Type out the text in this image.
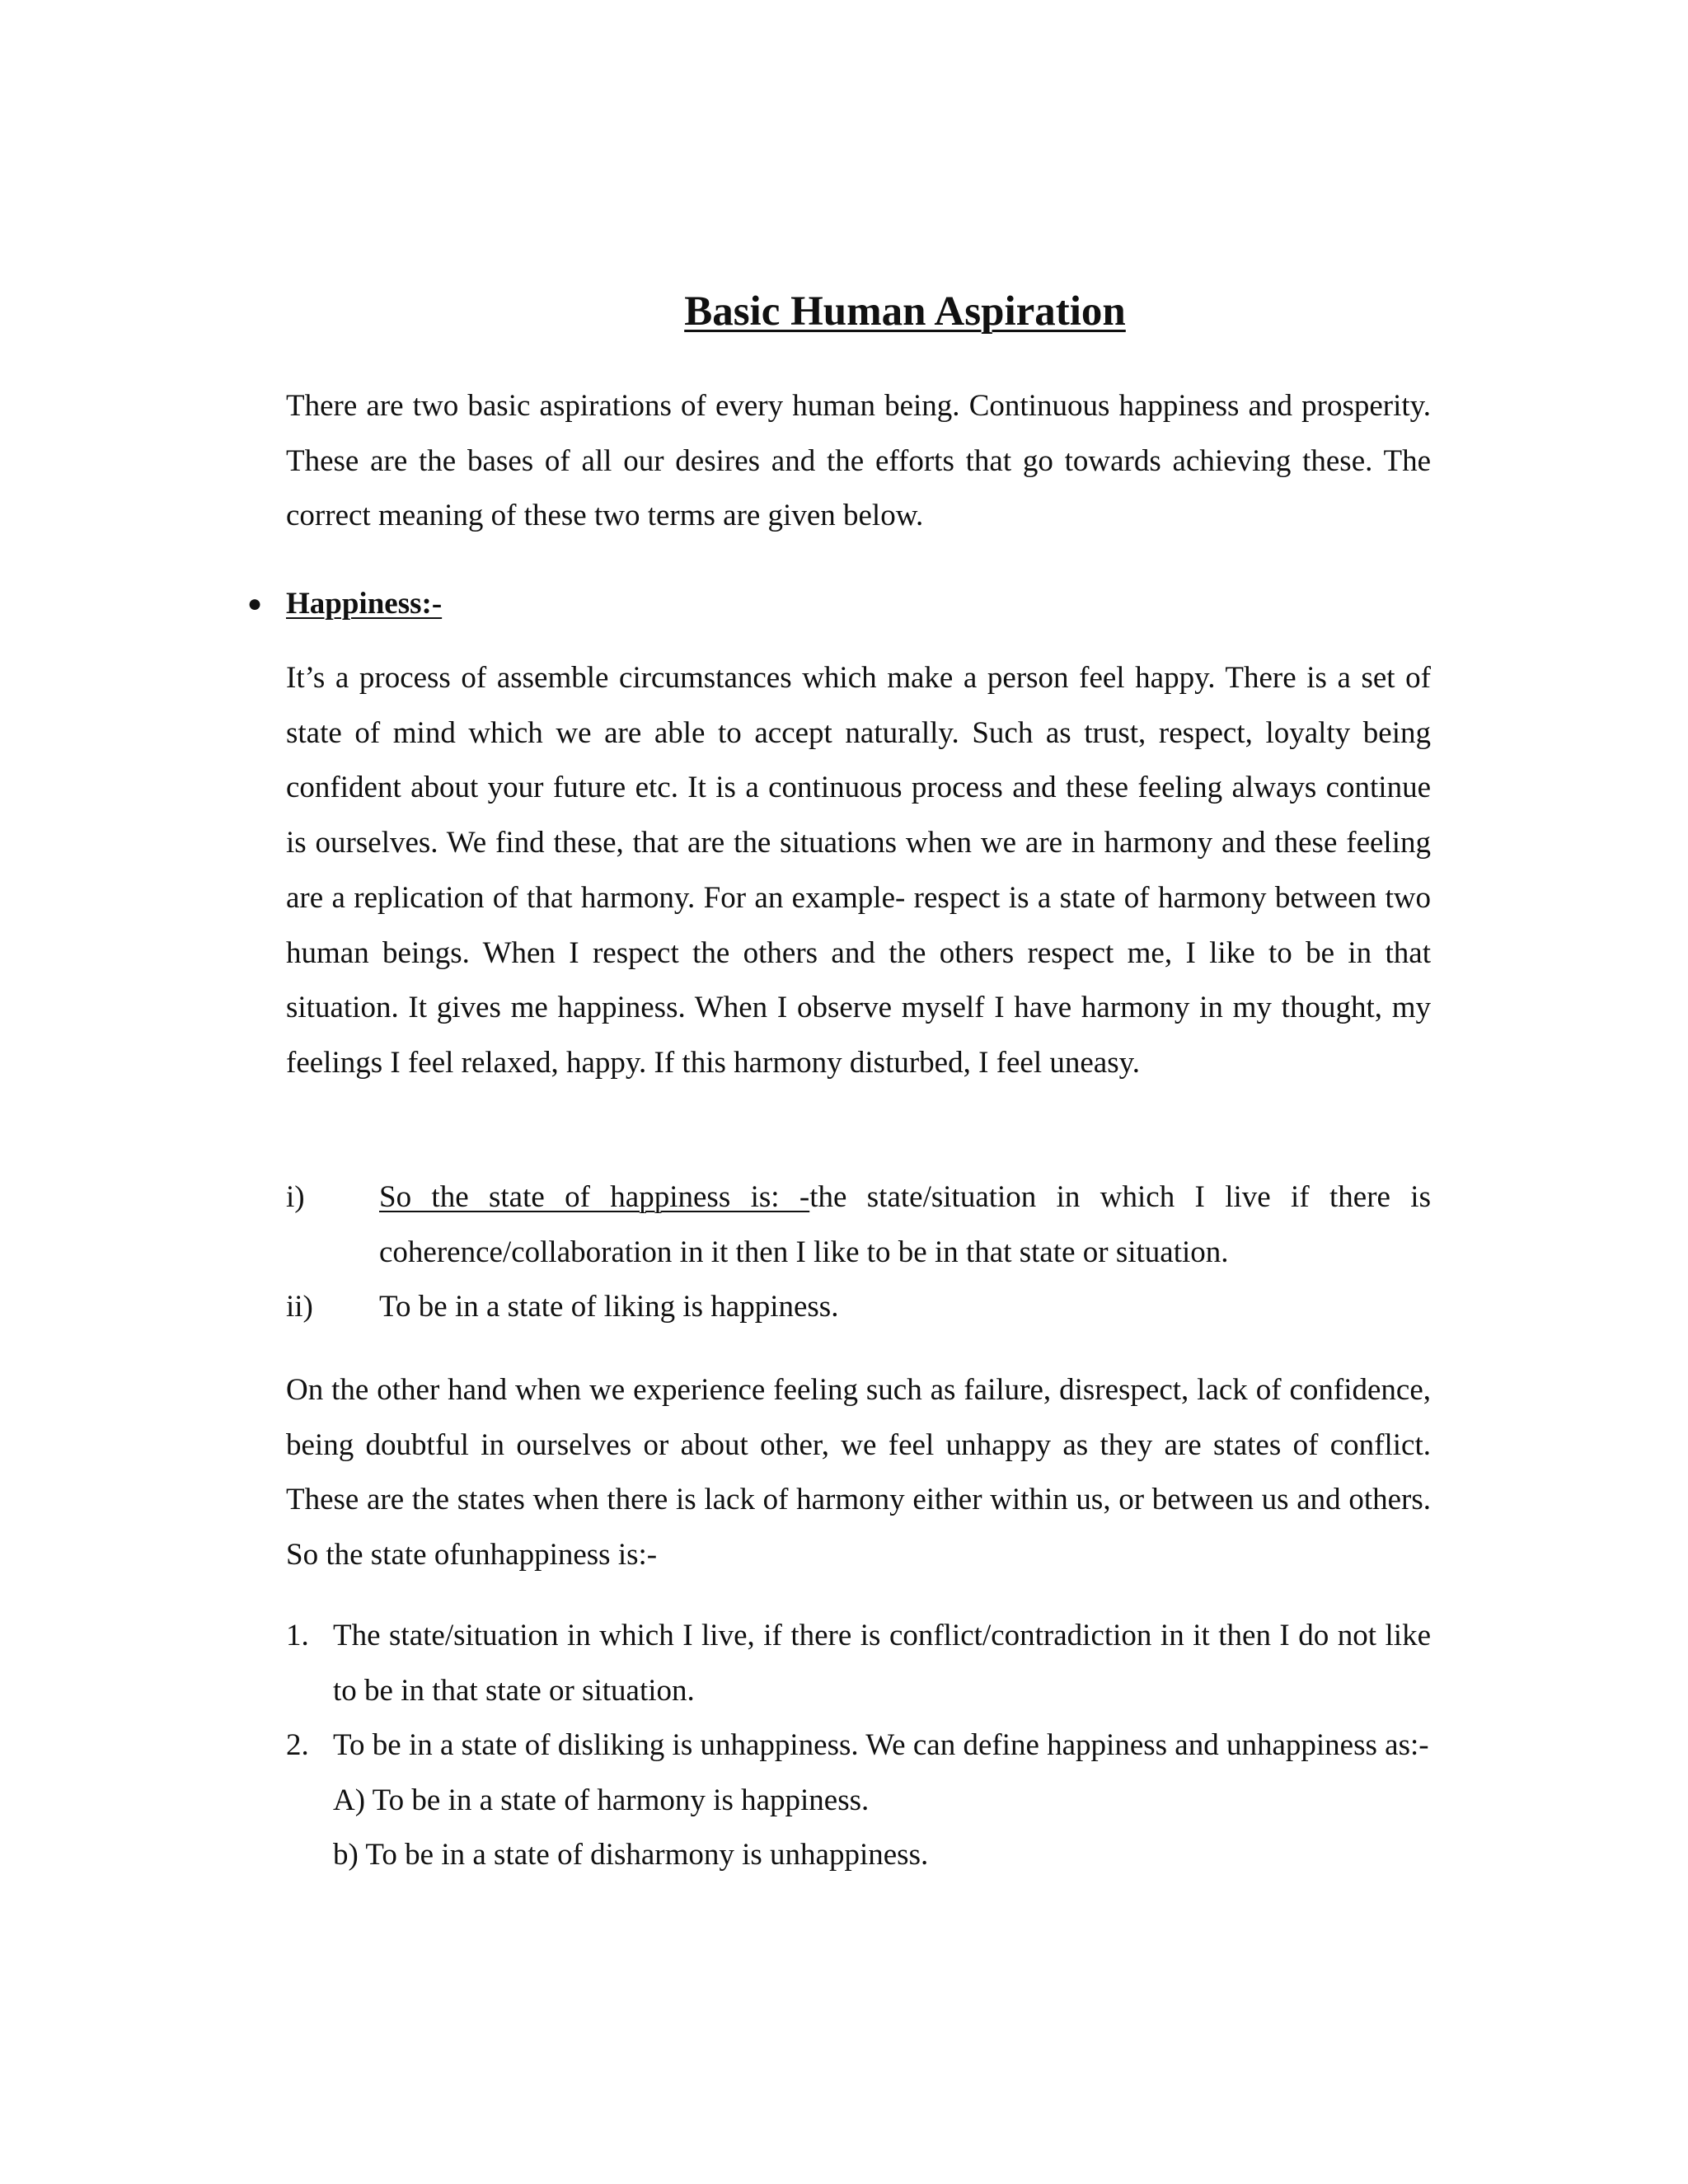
Basic Human Aspiration

There are two basic aspirations of every human being. Continuous happiness and prosperity. These are the bases of all our desires and the efforts that go towards achieving these. The correct meaning of these two terms are given below.

● Happiness:-

It’s a process of assemble circumstances which make a person feel happy. There is a set of state of mind which we are able to accept naturally. Such as trust, respect, loyalty being confident about your future etc. It is a continuous process and these feeling always continue is ourselves. We find these, that are the situations when we are in harmony and these feeling are a replication of that harmony. For an example- respect is a state of harmony between two human beings. When I respect the others and the others respect me, I like to be in that situation. It gives me happiness. When I observe myself I have harmony in my thought, my feelings I feel relaxed, happy. If this harmony disturbed, I feel uneasy.

i) So the state of happiness is: -the state/situation in which I live if there is coherence/collaboration in it then I like to be in that state or situation.
ii) To be in a state of liking is happiness.

On the other hand when we experience feeling such as failure, disrespect, lack of confidence, being doubtful in ourselves or about other, we feel unhappy as they are states of conflict. These are the states when there is lack of harmony either within us, or between us and others. So the state ofunhappiness is:-

1. The state/situation in which I live, if there is conflict/contradiction in it then I do not like to be in that state or situation.
2. To be in a state of disliking is unhappiness. We can define happiness and unhappiness as:-
A) To be in a state of harmony is happiness.
b) To be in a state of disharmony is unhappiness.
